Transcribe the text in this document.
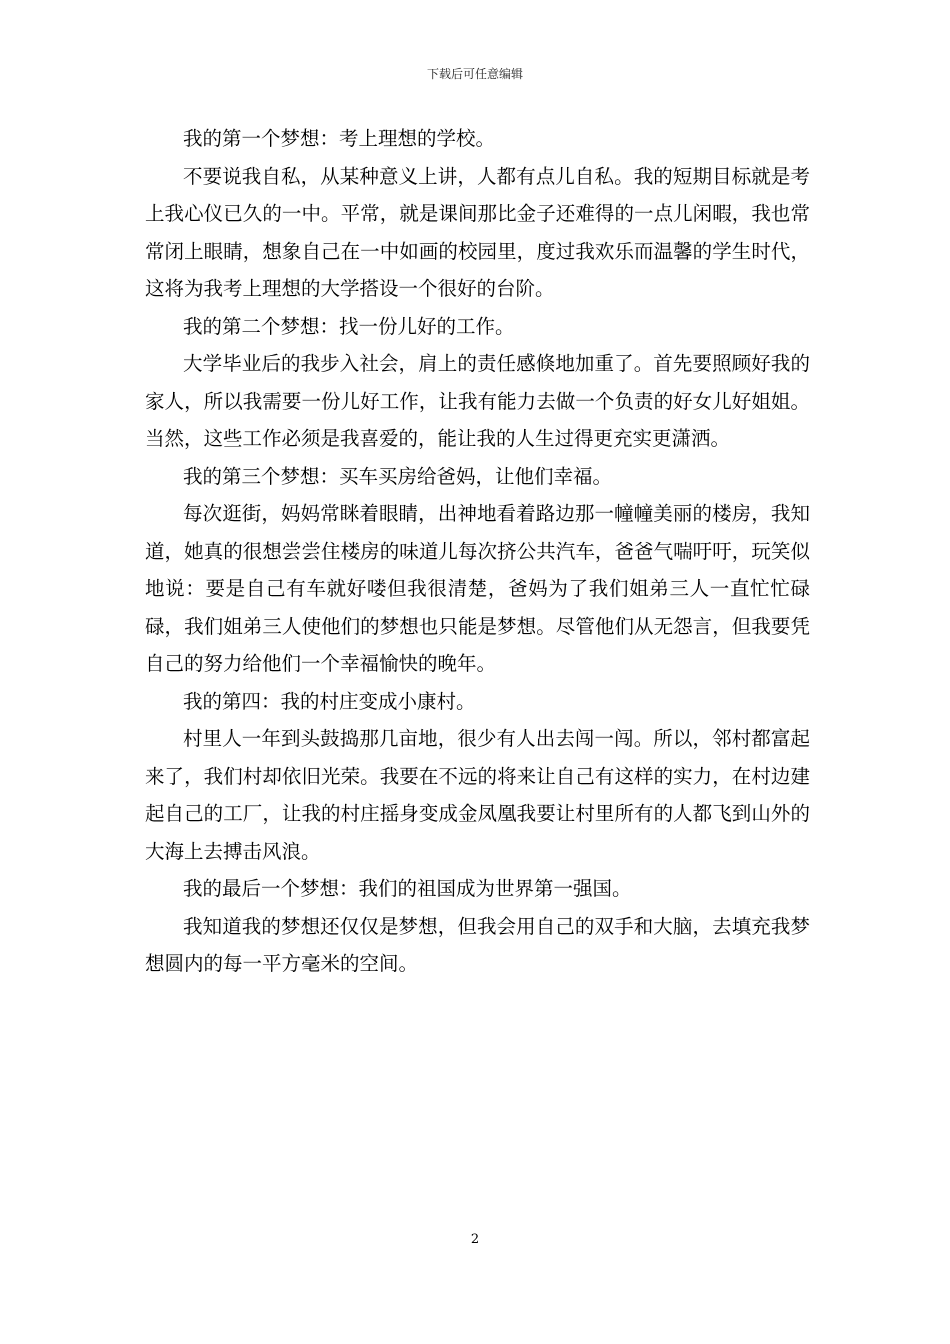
下载后可任意编辑

我的第一个梦想：考上理想的学校。

不要说我自私，从某种意义上讲，人都有点儿自私。我的短期目标就是考上我心仪已久的一中。平常，就是课间那比金子还难得的一点儿闲暇，我也常常闭上眼睛，想象自己在一中如画的校园里，度过我欢乐而温馨的学生时代，这将为我考上理想的大学搭设一个很好的台阶。

我的第二个梦想：找一份儿好的工作。

大学毕业后的我步入社会，肩上的责任感倏地加重了。首先要照顾好我的家人，所以我需要一份儿好工作，让我有能力去做一个负责的好女儿好姐姐。当然，这些工作必须是我喜爱的，能让我的人生过得更充实更潇洒。

我的第三个梦想：买车买房给爸妈，让他们幸福。

每次逛街，妈妈常眯着眼睛，出神地看着路边那一幢幢美丽的楼房，我知道，她真的很想尝尝住楼房的味道儿每次挤公共汽车，爸爸气喘吁吁，玩笑似地说：要是自己有车就好喽但我很清楚，爸妈为了我们姐弟三人一直忙忙碌碌，我们姐弟三人使他们的梦想也只能是梦想。尽管他们从无怨言，但我要凭自己的努力给他们一个幸福愉快的晚年。

我的第四：我的村庄变成小康村。

村里人一年到头鼓捣那几亩地，很少有人出去闯一闯。所以，邻村都富起来了，我们村却依旧光荣。我要在不远的将来让自己有这样的实力，在村边建起自己的工厂，让我的村庄摇身变成金凤凰我要让村里所有的人都飞到山外的大海上去搏击风浪。

我的最后一个梦想：我们的祖国成为世界第一强国。

我知道我的梦想还仅仅是梦想，但我会用自己的双手和大脑，去填充我梦想圆内的每一平方毫米的空间。

2
